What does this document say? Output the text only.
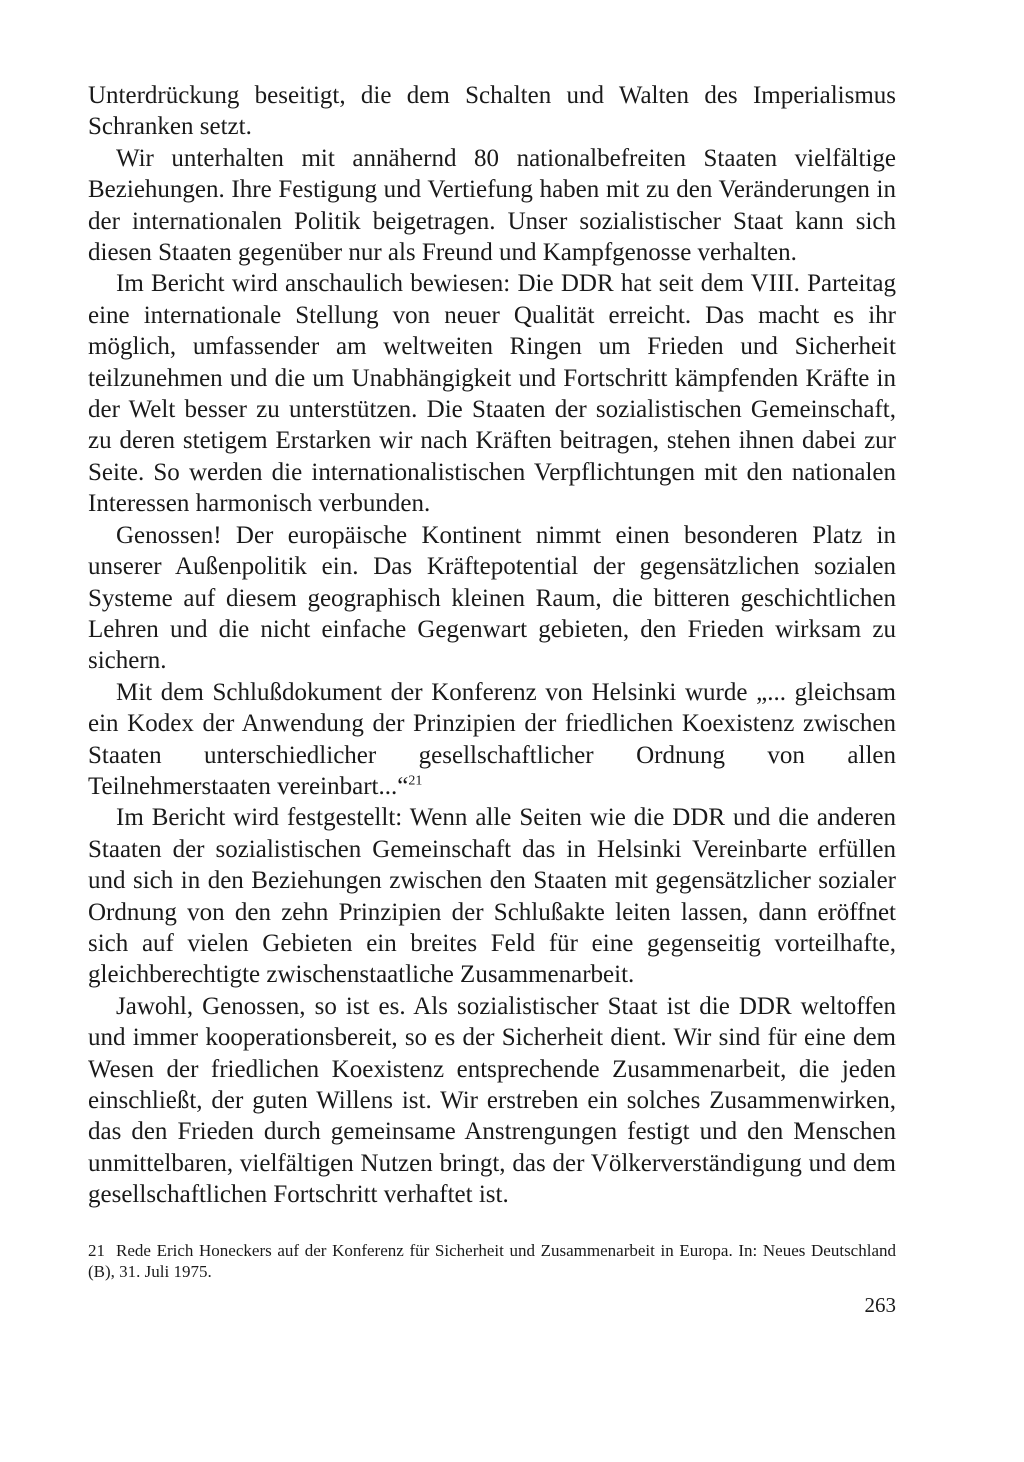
Unterdrückung beseitigt, die dem Schalten und Walten des Imperialismus Schranken setzt.

Wir unterhalten mit annähernd 80 nationalbefreiten Staaten vielfältige Beziehungen. Ihre Festigung und Vertiefung haben mit zu den Veränderungen in der internationalen Politik beigetragen. Unser sozialistischer Staat kann sich diesen Staaten gegenüber nur als Freund und Kampfgenosse verhalten.

Im Bericht wird anschaulich bewiesen: Die DDR hat seit dem VIII. Parteitag eine internationale Stellung von neuer Qualität erreicht. Das macht es ihr möglich, umfassender am weltweiten Ringen um Frieden und Sicherheit teilzunehmen und die um Unabhängigkeit und Fortschritt kämpfenden Kräfte in der Welt besser zu unterstützen. Die Staaten der sozialistischen Gemeinschaft, zu deren stetigem Erstarken wir nach Kräften beitragen, stehen ihnen dabei zur Seite. So werden die internationalistischen Verpflichtungen mit den nationalen Interessen harmonisch verbunden.

Genossen! Der europäische Kontinent nimmt einen besonderen Platz in unserer Außenpolitik ein. Das Kräftepotential der gegensätzlichen sozialen Systeme auf diesem geographisch kleinen Raum, die bitteren geschichtlichen Lehren und die nicht einfache Gegenwart gebieten, den Frieden wirksam zu sichern.

Mit dem Schlußdokument der Konferenz von Helsinki wurde „... gleichsam ein Kodex der Anwendung der Prinzipien der friedlichen Koexistenz zwischen Staaten unterschiedlicher gesellschaftlicher Ordnung von allen Teilnehmerstaaten vereinbart...“$^{21}$

Im Bericht wird festgestellt: Wenn alle Seiten wie die DDR und die anderen Staaten der sozialistischen Gemeinschaft das in Helsinki Vereinbarte erfüllen und sich in den Beziehungen zwischen den Staaten mit gegensätzlicher sozialer Ordnung von den zehn Prinzipien der Schlußakte leiten lassen, dann eröffnet sich auf vielen Gebieten ein breites Feld für eine gegenseitig vorteilhafte, gleichberechtigte zwischenstaatliche Zusammenarbeit.

Jawohl, Genossen, so ist es. Als sozialistischer Staat ist die DDR weltoffen und immer kooperationsbereit, so es der Sicherheit dient. Wir sind für eine dem Wesen der friedlichen Koexistenz entsprechende Zusammenarbeit, die jeden einschließt, der guten Willens ist. Wir erstreben ein solches Zusammenwirken, das den Frieden durch gemeinsame Anstrengungen festigt und den Menschen unmittelbaren, vielfältigen Nutzen bringt, das der Völkerverständigung und dem gesellschaftlichen Fortschritt verhaftet ist.

21 Rede Erich Honeckers auf der Konferenz für Sicherheit und Zusammenarbeit in Europa. In: Neues Deutschland (B), 31. Juli 1975.

263
